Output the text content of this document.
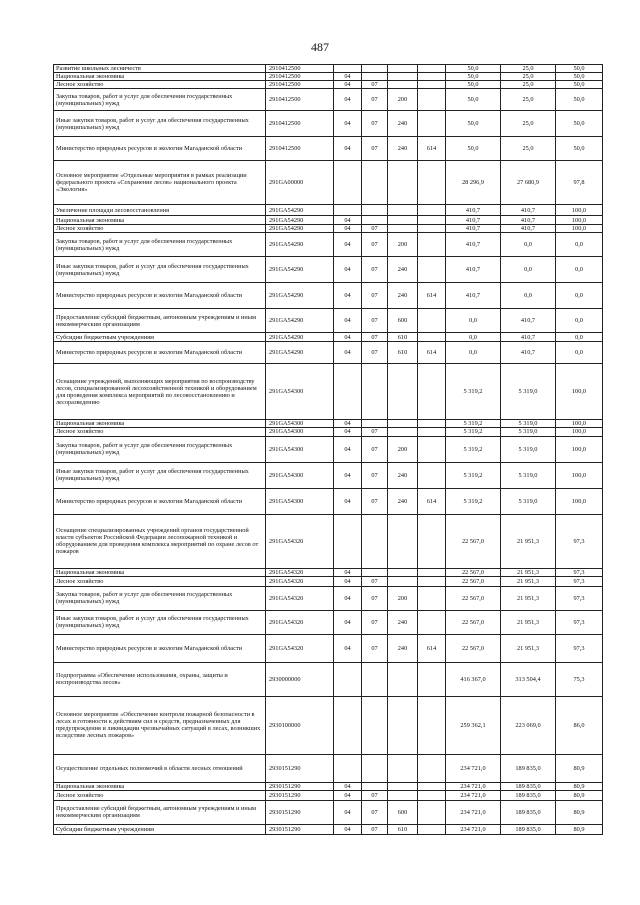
487
Развитие школьных лесничеств	2910412500					50,0	25,0	50,0
Национальная экономика	2910412500	04				50,0	25,0	50,0
Лесное хозяйство	2910412500	04	07			50,0	25,0	50,0
Закупка товаров, работ и услуг для обеспечения государственных (муниципальных) нужд	2910412500	04	07	200		50,0	25,0	50,0
Иные закупки товаров, работ и услуг для обеспечения государственных (муниципальных) нужд	2910412500	04	07	240		50,0	25,0	50,0
Министерство природных ресурсов и экологии Магаданской области	2910412500	04	07	240	614	50,0	25,0	50,0
Основное мероприятие «Отдельные мероприятия в рамках реализации федерального проекта «Сохранение лесов» национального проекта «Экология»	291GA00000					28 296,9	27 680,9	97,8
Увеличение площади лесовосстановления	291GA54290					410,7	410,7	100,0
Национальная экономика	291GA54290	04				410,7	410,7	100,0
Лесное хозяйство	291GA54290	04	07			410,7	410,7	100,0
Закупка товаров, работ и услуг для обеспечения государственных (муниципальных) нужд	291GA54290	04	07	200		410,7	0,0	0,0
Иные закупки товаров, работ и услуг для обеспечения государственных (муниципальных) нужд	291GA54290	04	07	240		410,7	0,0	0,0
Министерство природных ресурсов и экологии Магаданской области	291GA54290	04	07	240	614	410,7	0,0	0,0
Предоставление субсидий бюджетным, автономным учреждениям и иным некоммерческим организациям	291GA54290	04	07	600		0,0	410,7	0,0
Субсидии бюджетным учреждениям	291GA54290	04	07	610		0,0	410,7	0,0
Министерство природных ресурсов и экологии Магаданской области	291GA54290	04	07	610	614	0,0	410,7	0,0
Оснащение учреждений, выполняющих мероприятия по воспроизводству лесов, специализированной лесохозяйственной техникой и оборудованием для проведения комплекса мероприятий по лесовосстановлению и лесоразведению	291GA54300					5 319,2	5 319,0	100,0
Национальная экономика	291GA54300	04				5 319,2	5 319,0	100,0
Лесное хозяйство	291GA54300	04	07			5 319,2	5 319,0	100,0
Закупка товаров, работ и услуг для обеспечения государственных (муниципальных) нужд	291GA54300	04	07	200		5 319,2	5 319,0	100,0
Иные закупки товаров, работ и услуг для обеспечения государственных (муниципальных) нужд	291GA54300	04	07	240		5 319,2	5 319,0	100,0
Министерство природных ресурсов и экологии Магаданской области	291GA54300	04	07	240	614	5 319,2	5 319,0	100,0
Оснащение специализированных учреждений органов государственной власти субъектов Российской Федерации лесопожарной техникой и оборудованием для проведения комплекса мероприятий по охране лесов от пожаров	291GA54320					22 567,0	21 951,3	97,3
Национальная экономика	291GA54320	04				22 567,0	21 951,3	97,3
Лесное хозяйство	291GA54320	04	07			22 567,0	21 951,3	97,3
Закупка товаров, работ и услуг для обеспечения государственных (муниципальных) нужд	291GA54320	04	07	200		22 567,0	21 951,3	97,3
Иные закупки товаров, работ и услуг для обеспечения государственных (муниципальных) нужд	291GA54320	04	07	240		22 567,0	21 951,3	97,3
Министерство природных ресурсов и экологии Магаданской области	291GA54320	04	07	240	614	22 567,0	21 951,3	97,3
Подпрограмма «Обеспечение использования, охраны, защиты и воспроизводства лесов»	2930000000					416 367,0	313 504,4	75,3
Основное мероприятие «Обеспечение контроля пожарной безопасности в лесах и готовности к действиям сил и средств, предназначенных для предупреждения и ликвидации чрезвычайных ситуаций в лесах, возникших вследствие лесных пожаров»	2930100000					259 362,1	223 069,0	86,0
Осуществление отдельных полномочий в области лесных отношений	2930151290					234 721,0	189 835,0	80,9
Национальная экономика	2930151290	04				234 721,0	189 835,0	80,9
Лесное хозяйство	2930151290	04	07			234 721,0	189 835,0	80,9
Предоставление субсидий бюджетным, автономным учреждениям и иным некоммерческим организациям	2930151290	04	07	600		234 721,0	189 835,0	80,9
Субсидии бюджетным учреждениям	2930151290	04	07	610		234 721,0	189 835,0	80,9
